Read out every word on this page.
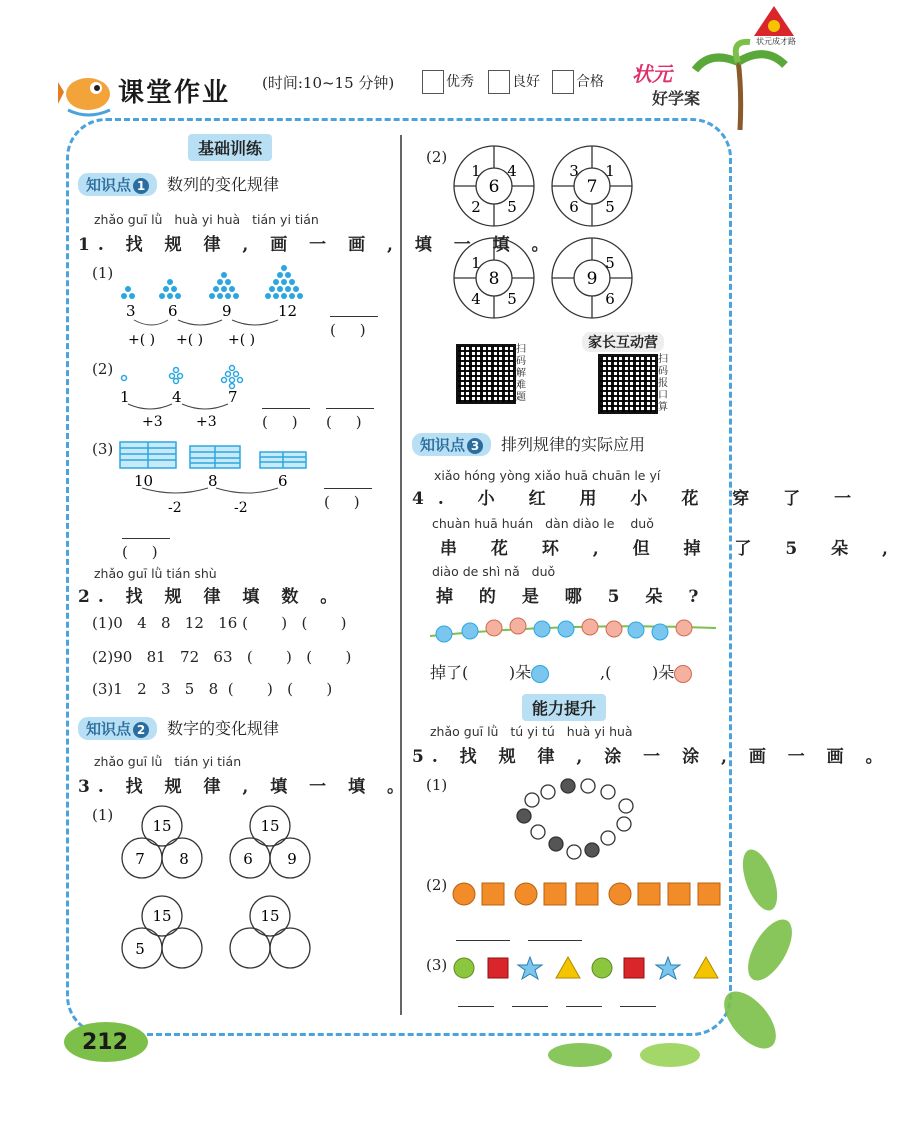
课堂作业 (时间:10~15 分钟)	优秀	良好	合格 状元
好学案
状元成才路
基础训练
知识点 1 数列的变化规律
zhǎo guī lǜ   huà yi huà   tián yi tián
1. 找 规 律 , 画 一 画 , 填 一 填 。
(1)
3 6	9	12
+( ) +( ) +( )
(     )
(2)
1	4	7
+3 +3	(     )	(     )
(3)
10	8	6
-2	-2	(     )
(     )
zhǎo guī lǜ tián shù
2. 找 规 律 填 数 。
(1)0   4   8   12   16 (       )   (       )
(2)90   81   72   63 (       )   (       )
(3)1   2   3   5   8 (       )   (       )
知识点 2 数字的变化规律
zhǎo guī lǜ   tián yi tián
3. 找 规 律 , 填 一 填 。
(1)
15
7 8
15
6 9
15
5
15
(2)
6
1 4
2 5
7
3 1
6 5
8
1
4 5
9
5
6
扫码解难题
家长互动营
扫码报口算
知识点 3 排列规律的实际应用
xiǎo hóng yòng xiǎo huā chuān le yí
4. 小 红 用 小 花 穿 了 一
chuàn huā huán   dàn diào le    duǒ
串 花 环 , 但 掉 了 5 朵 ,
diào de shì nǎ   duǒ
掉 的 是 哪 5 朵 ?
掉了(        )朵	,(        )朵
能力提升
zhǎo guī lǜ   tú yi tú   huà yi huà
5. 找 规 律 , 涂 一 涂 , 画 一 画 。
(1)
(2)
(3)
212
